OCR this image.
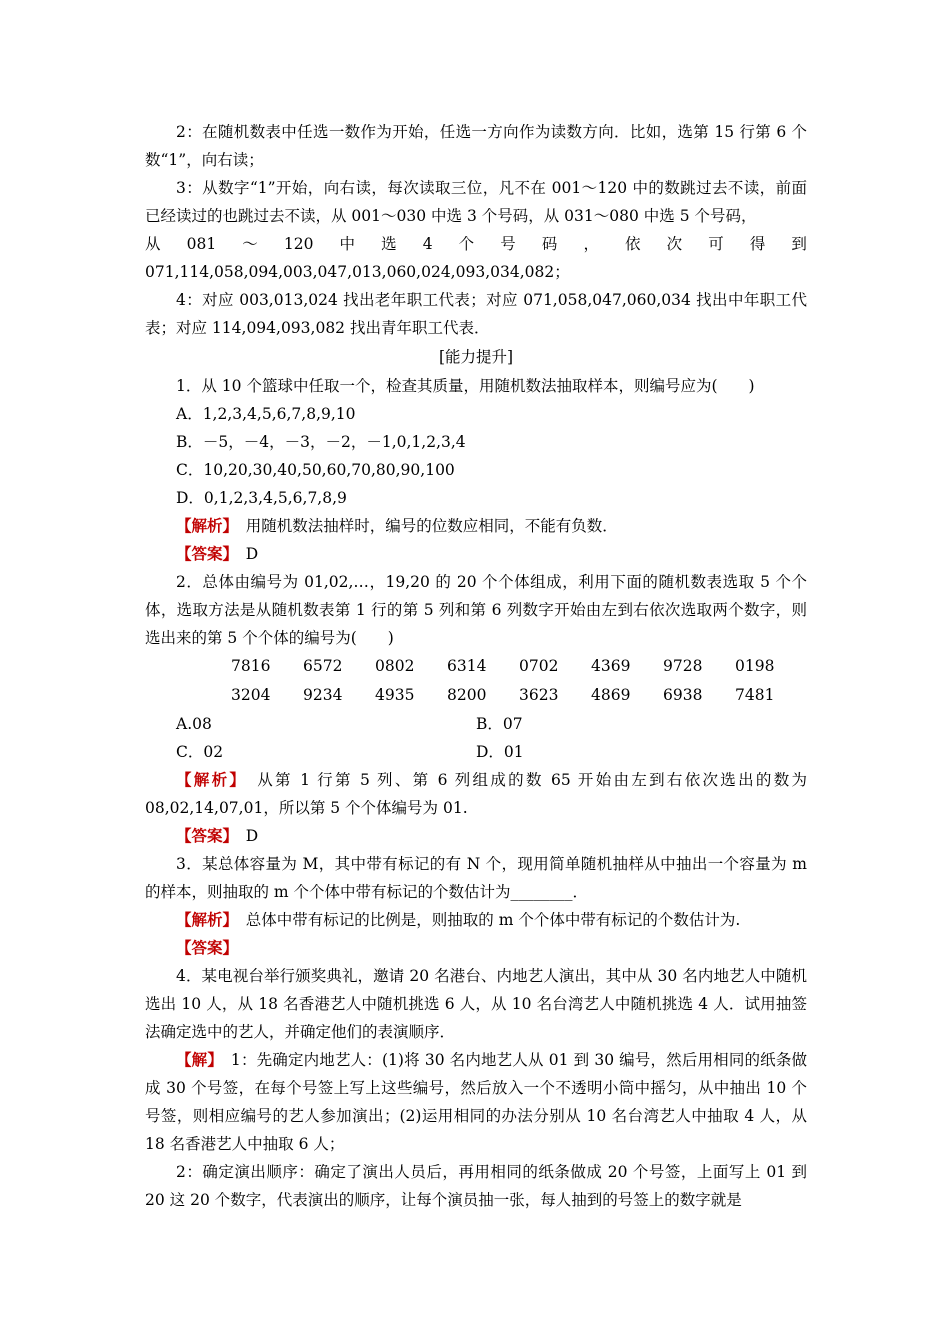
2：在随机数表中任选一数作为开始，任选一方向作为读数方向．比如，选第 15 行第 6 个数“1”，向右读；

3：从数字“1”开始，向右读，每次读取三位，凡不在 001～120 中的数跳过去不读，前面已经读过的也跳过去不读，从 001～030 中选 3 个号码，从 031～080 中选 5 个号码，

从 081 ～ 120 中 选 4 个 号 码 ， 依 次 可 得 到

071,114,058,094,003,047,013,060,024,093,034,082；

4：对应 003,013,024 找出老年职工代表；对应 071,058,047,060,034 找出中年职工代表；对应 114,094,093,082 找出青年职工代表．

[能力提升]

1．从 10 个篮球中任取一个，检查其质量，用随机数法抽取样本，则编号应为(　　)

A．1,2,3,4,5,6,7,8,9,10

B．－5，－4，－3，－2，－1,0,1,2,3,4

C．10,20,30,40,50,60,70,80,90,100

D．0,1,2,3,4,5,6,7,8,9

【解析】　用随机数法抽样时，编号的位数应相同，不能有负数．

【答案】　D

2．总体由编号为 01,02,…，19,20 的 20 个个体组成，利用下面的随机数表选取 5 个个体，选取方法是从随机数表第 1 行的第 5 列和第 6 列数字开始由左到右依次选取两个数字，则选出来的第 5 个个体的编号为(　　)

7816	6572	0802	6314	0702	4369	9728	0198
3204	9234	4935	8200	3623	4869	6938	7481
A.08	B．07
C．02	D．01

【解析】　从第 1 行第 5 列、第 6 列组成的数 65 开始由左到右依次选出的数为 08,02,14,07,01，所以第 5 个个体编号为 01.

【答案】　D

3．某总体容量为 M，其中带有标记的有 N 个，现用简单随机抽样从中抽出一个容量为 m 的样本，则抽取的 m 个个体中带有标记的个数估计为________．

【解析】　总体中带有标记的比例是，则抽取的 m 个个体中带有标记的个数估计为.

【答案】

4．某电视台举行颁奖典礼，邀请 20 名港台、内地艺人演出，其中从 30 名内地艺人中随机选出 10 人，从 18 名香港艺人中随机挑选 6 人，从 10 名台湾艺人中随机挑选 4 人．试用抽签法确定选中的艺人，并确定他们的表演顺序．

【解】　1：先确定内地艺人：(1)将 30 名内地艺人从 01 到 30 编号，然后用相同的纸条做成 30 个号签，在每个号签上写上这些编号，然后放入一个不透明小筒中摇匀，从中抽出 10 个号签，则相应编号的艺人参加演出；(2)运用相同的办法分别从 10 名台湾艺人中抽取 4 人，从 18 名香港艺人中抽取 6 人；

2：确定演出顺序：确定了演出人员后，再用相同的纸条做成 20 个号签，上面写上 01 到 20 这 20 个数字，代表演出的顺序，让每个演员抽一张，每人抽到的号签上的数字就是
